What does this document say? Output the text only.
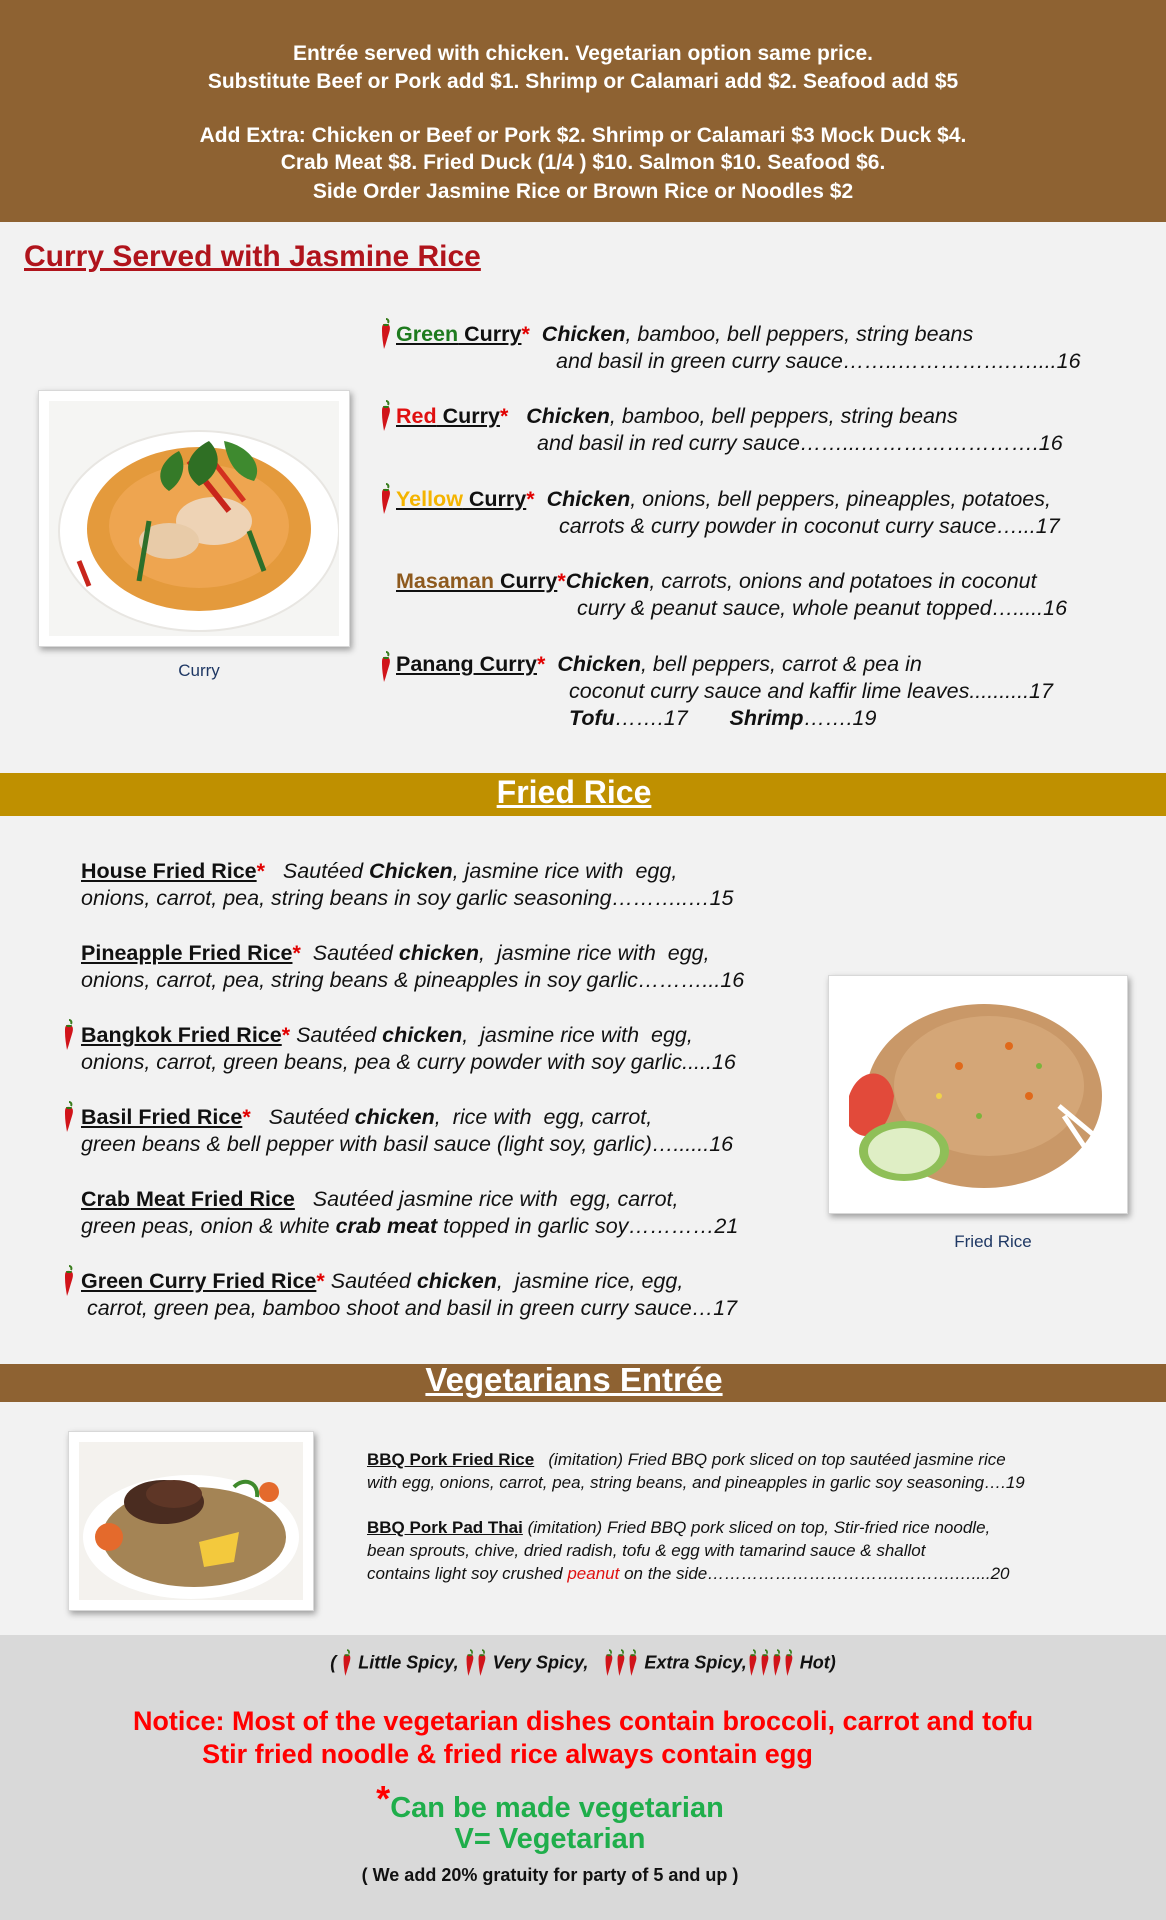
Entrée served with chicken. Vegetarian option same price.
Substitute Beef or Pork add $1. Shrimp or Calamari add $2. Seafood add $5
Add Extra: Chicken or Beef or Pork $2. Shrimp or Calamari $3 Mock Duck $4.
Crab Meat $8. Fried Duck (1/4 ) $10. Salmon $10. Seafood $6.
Side Order Jasmine Rice or Brown Rice or Noodles $2
Curry Served with Jasmine Rice
Curry
Green Curry* Chicken, bamboo, bell peppers, string beans
and basil in green curry sauce……..…………….…....16
Red Curry* Chicken, bamboo, bell peppers, string beans
and basil in red curry sauce……...…………………….16
Yellow Curry* Chicken, onions, bell peppers, pineapples, potatoes,
carrots & curry powder in coconut curry sauce…...17
Masaman Curry*Chicken, carrots, onions and potatoes in coconut
curry & peanut sauce, whole peanut topped….....16
Panang Curry* Chicken, bell peppers, carrot & pea in
coconut curry sauce and kaffir lime leaves..........17
Tofu…….17 Shrimp…….19
Fried Rice
House Fried Rice*   Sautéed Chicken, jasmine rice with  egg,
onions, carrot, pea, string beans in soy garlic seasoning………..…15
Pineapple Fried Rice*  Sautéed chicken,  jasmine rice with  egg,
onions, carrot, pea, string beans & pineapples in soy garlic………...16
Bangkok Fried Rice* Sautéed chicken,  jasmine rice with  egg,
onions, carrot, green beans, pea & curry powder with soy garlic.....16
Basil Fried Rice*   Sautéed chicken,  rice with  egg, carrot,
green beans & bell pepper with basil sauce (light soy, garlic)…......16
Crab Meat Fried Rice   Sautéed jasmine rice with  egg, carrot,
green peas, onion & white crab meat topped in garlic soy…………21
Green Curry Fried Rice* Sautéed chicken,  jasmine rice, egg,
carrot, green pea, bamboo shoot and basil in green curry sauce…17
Fried Rice
Vegetarians Entrée
BBQ Pork Fried Rice   (imitation) Fried BBQ pork sliced on top sautéed jasmine rice
with egg, onions, carrot, pea, string beans, and pineapples in garlic soy seasoning….19
BBQ Pork Pad Thai (imitation) Fried BBQ pork sliced on top, Stir-fried rice noodle,
bean sprouts, chive, dried radish, tofu & egg with tamarind sauce & shallot
contains light soy crushed peanut on the side…………………………….……….…....20
(  Little Spicy,  Very Spicy,	Extra Spicy,	Hot)
Notice: Most of the vegetarian dishes contain broccoli, carrot and tofu
Stir fried noodle & fried rice always contain egg
*Can be made vegetarian
V= Vegetarian
( We add 20% gratuity for party of 5 and up )
